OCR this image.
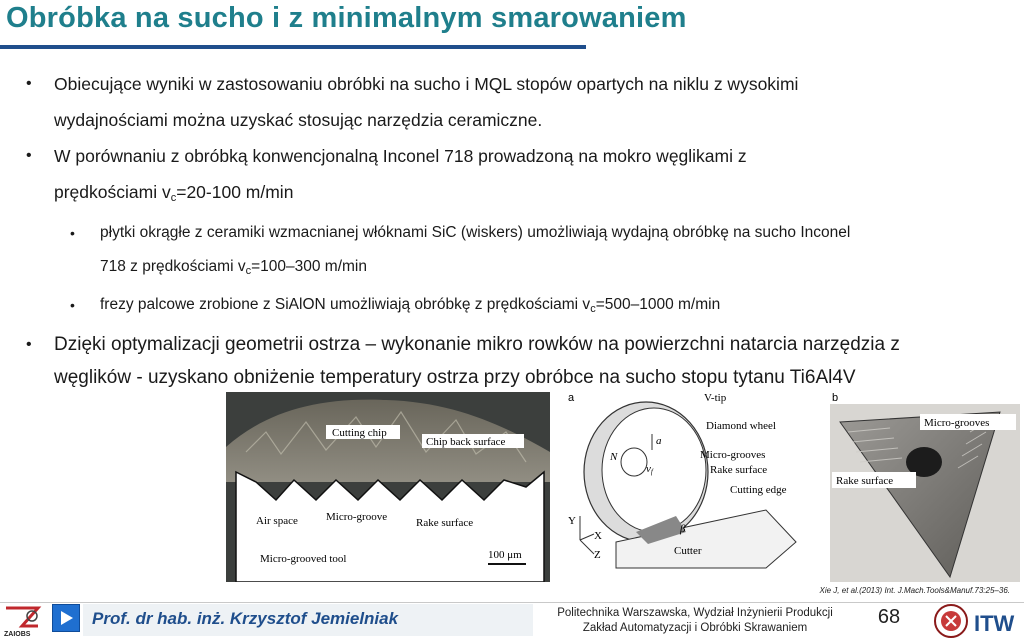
Obróbka na sucho i z minimalnym smarowaniem
• Obiecujące wyniki w zastosowaniu obróbki na sucho i MQL stopów opartych na niklu z wysokimi
wydajnościami można uzyskać stosując narzędzia ceramiczne.
• W porównaniu z obróbką konwencjonalną Inconel 718 prowadzoną na mokro węglikami z
prędkościami $v_c=20-100$ m/min
• płytki okrągłe z ceramiki wzmacnianej włóknami SiC (wiskers) umożliwiają wydajną obróbkę na sucho Inconel
718 z prędkościami $v_c=100-300$ m/min
• frezy palcowe zrobione z SiAlON umożliwiają obróbkę z prędkościami $v_c=500-1000$ m/min
• Dzięki optymalizacji geometrii ostrza – wykonanie mikro rowków na powierzchni natarcia narzędzia z
węglików - uzyskano obniżenie temperatury ostrza przy obróbce na sucho stopu tytanu Ti6Al4V
Cutting chip
Chip back surface
Air space	Micro-groove	Rake surface
Micro-grooved tool	100 μm
a
N
a
vf
Cutter
β
V-tip
Diamond wheel
Micro-grooves
Rake surface
Cutting edge
Y
X
Z
b
Micro-grooves
Rake surface
Xie J, et al.(2013) Int. J.Mach.Tools&Manuf.73:25–36.
ZAIOBS
Prof. dr hab. inż. Krzysztof Jemielniak	Politechnika Warszawska, Wydział Inżynierii Produkcji
Zakład Automatyzacji i Obróbki Skrawaniem	68	ITW
